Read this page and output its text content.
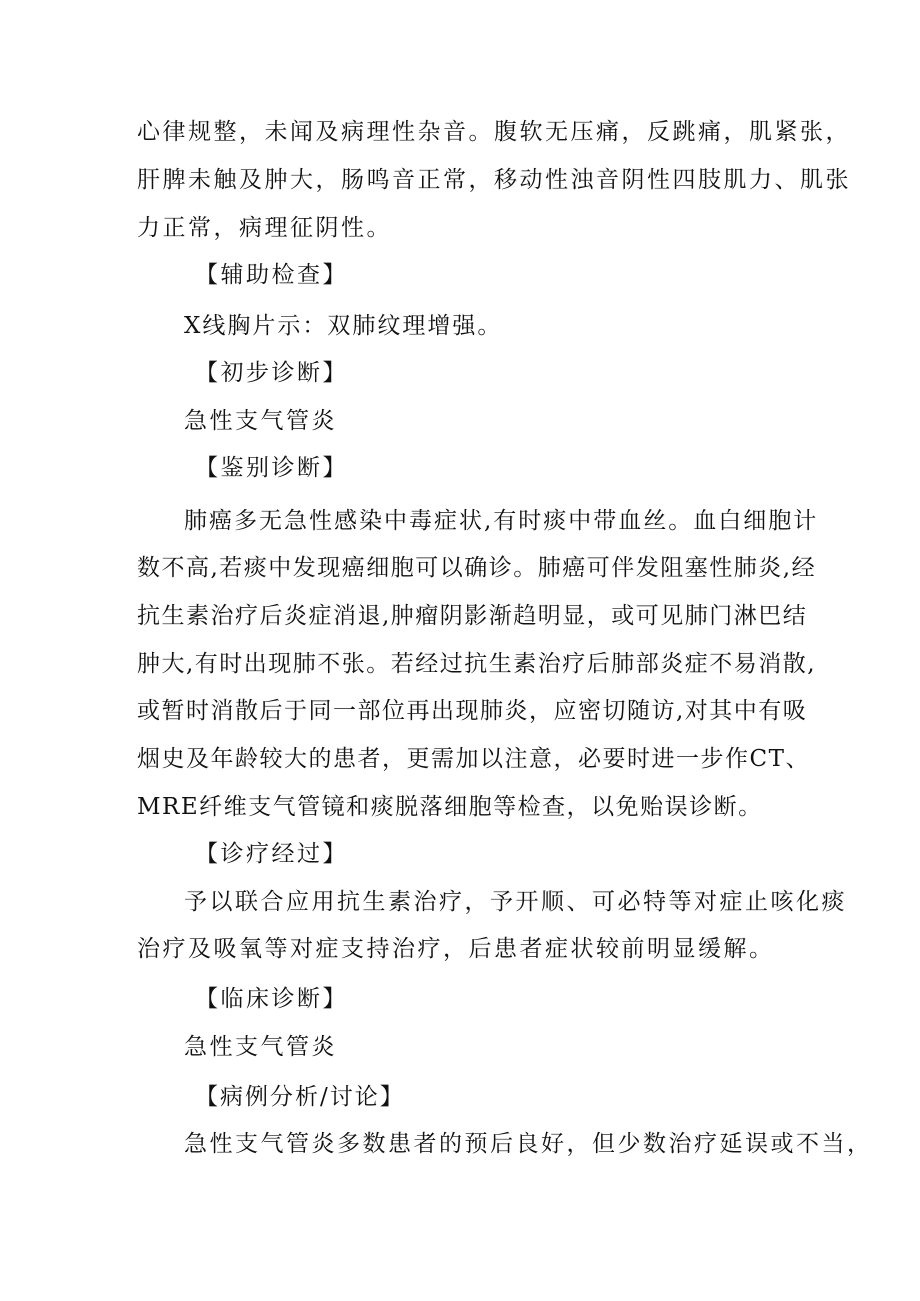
心律规整，未闻及病理性杂音。腹软无压痛，反跳痛，肌紧张，
肝脾未触及肿大，肠鸣音正常，移动性浊音阴性四肢肌力、肌张
力正常，病理征阴性。
【辅助检查】
X线胸片示：双肺纹理增强。
【初步诊断】
急性支气管炎
【鉴别诊断】
肺癌多无急性感染中毒症状,有时痰中带血丝。血白细胞计
数不高,若痰中发现癌细胞可以确诊。肺癌可伴发阻塞性肺炎,经
抗生素治疗后炎症消退,肿瘤阴影渐趋明显，或可见肺门淋巴结
肿大,有时出现肺不张。若经过抗生素治疗后肺部炎症不易消散,
或暂时消散后于同一部位再出现肺炎，应密切随访,对其中有吸
烟史及年龄较大的患者，更需加以注意，必要时进一步作CT、
MRE纤维支气管镜和痰脱落细胞等检查，以免贻误诊断。
【诊疗经过】
予以联合应用抗生素治疗，予开顺、可必特等对症止咳化痰
治疗及吸氧等对症支持治疗，后患者症状较前明显缓解。
【临床诊断】
急性支气管炎
【病例分析/讨论】
急性支气管炎多数患者的预后良好，但少数治疗延误或不当，
